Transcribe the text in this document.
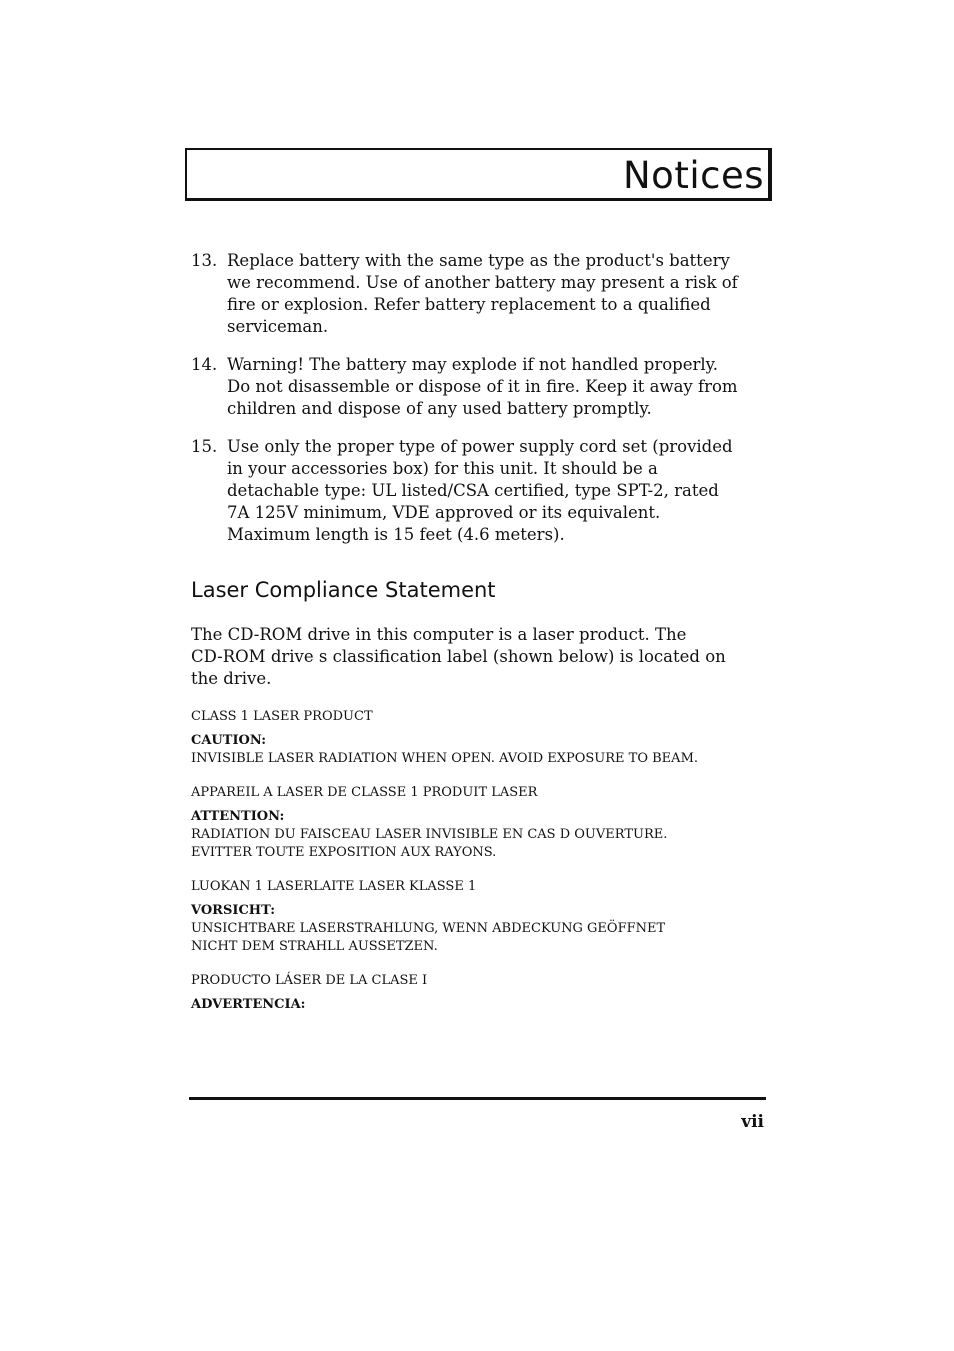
Notices
13. Replace battery with the same type as the product's battery
we recommend. Use of another battery may present a risk of
fire or explosion. Refer battery replacement to a qualified
serviceman.
14. Warning! The battery may explode if not handled properly.
Do not disassemble or dispose of it in fire. Keep it away from
children and dispose of any used battery promptly.
15. Use only the proper type of power supply cord set (provided
in your accessories box) for this unit. It should be a
detachable type: UL listed/CSA certified, type SPT-2, rated
7A 125V minimum, VDE approved or its equivalent.
Maximum length is 15 feet (4.6 meters).
Laser Compliance Statement
The CD-ROM drive in this computer is a laser product. The
CD-ROM drive s classification label (shown below) is located on
the drive.
CLASS 1 LASER PRODUCT
CAUTION:
INVISIBLE LASER RADIATION WHEN OPEN. AVOID EXPOSURE TO BEAM.
APPAREIL A LASER DE CLASSE 1 PRODUIT LASER
ATTENTION:
RADIATION DU FAISCEAU LASER INVISIBLE EN CAS D OUVERTURE.
EVITTER TOUTE EXPOSITION AUX RAYONS.
LUOKAN 1 LASERLAITE LASER KLASSE 1
VORSICHT:
UNSICHTBARE LASERSTRAHLUNG, WENN ABDECKUNG GEÖFFNET
NICHT DEM STRAHLL AUSSETZEN.
PRODUCTO LÁSER DE LA CLASE I
ADVERTENCIA:
vii
